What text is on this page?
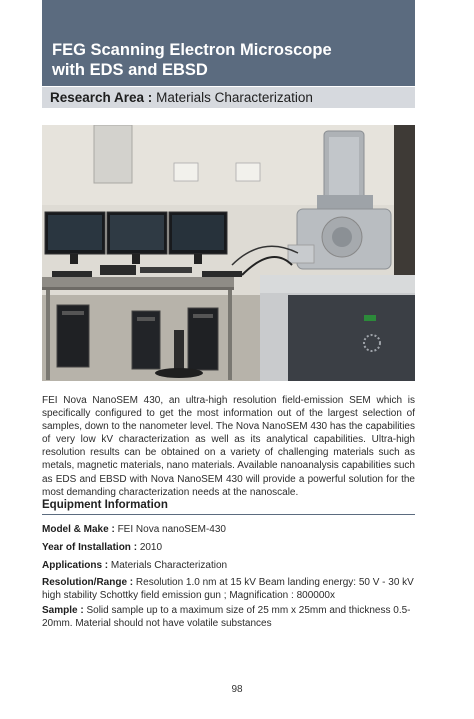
FEG Scanning Electron Microscope
with EDS and EBSD
Research Area : Materials Characterization

FEI Nova NanoSEM 430, an ultra-high resolution field-emission SEM which is specifically configured to get the most information out of the largest selection of samples, down to the nanometer level. The Nova NanoSEM 430 has the capabilities of very low kV characterization as well as its analytical capabilities. Ultra-high resolution results can be obtained on a variety of challenging materials such as metals, magnetic materials, nano materials. Available nanoanalysis capabilities such as EDS and EBSD with Nova NanoSEM 430 will provide a powerful solution for the most demanding characterization needs at the nanoscale.

Equipment Information

Model & Make : FEI Nova nanoSEM-430

Year of Installation : 2010

Applications : Materials Characterization

Resolution/Range : Resolution 1.0 nm at 15 kV Beam landing energy: 50 V - 30 kV high stability Schottky field emission gun ; Magnification : 800000x

Sample : Solid sample up to a maximum size of 25 mm x 25mm and thickness 0.5-20mm. Material should not have volatile substances

98
